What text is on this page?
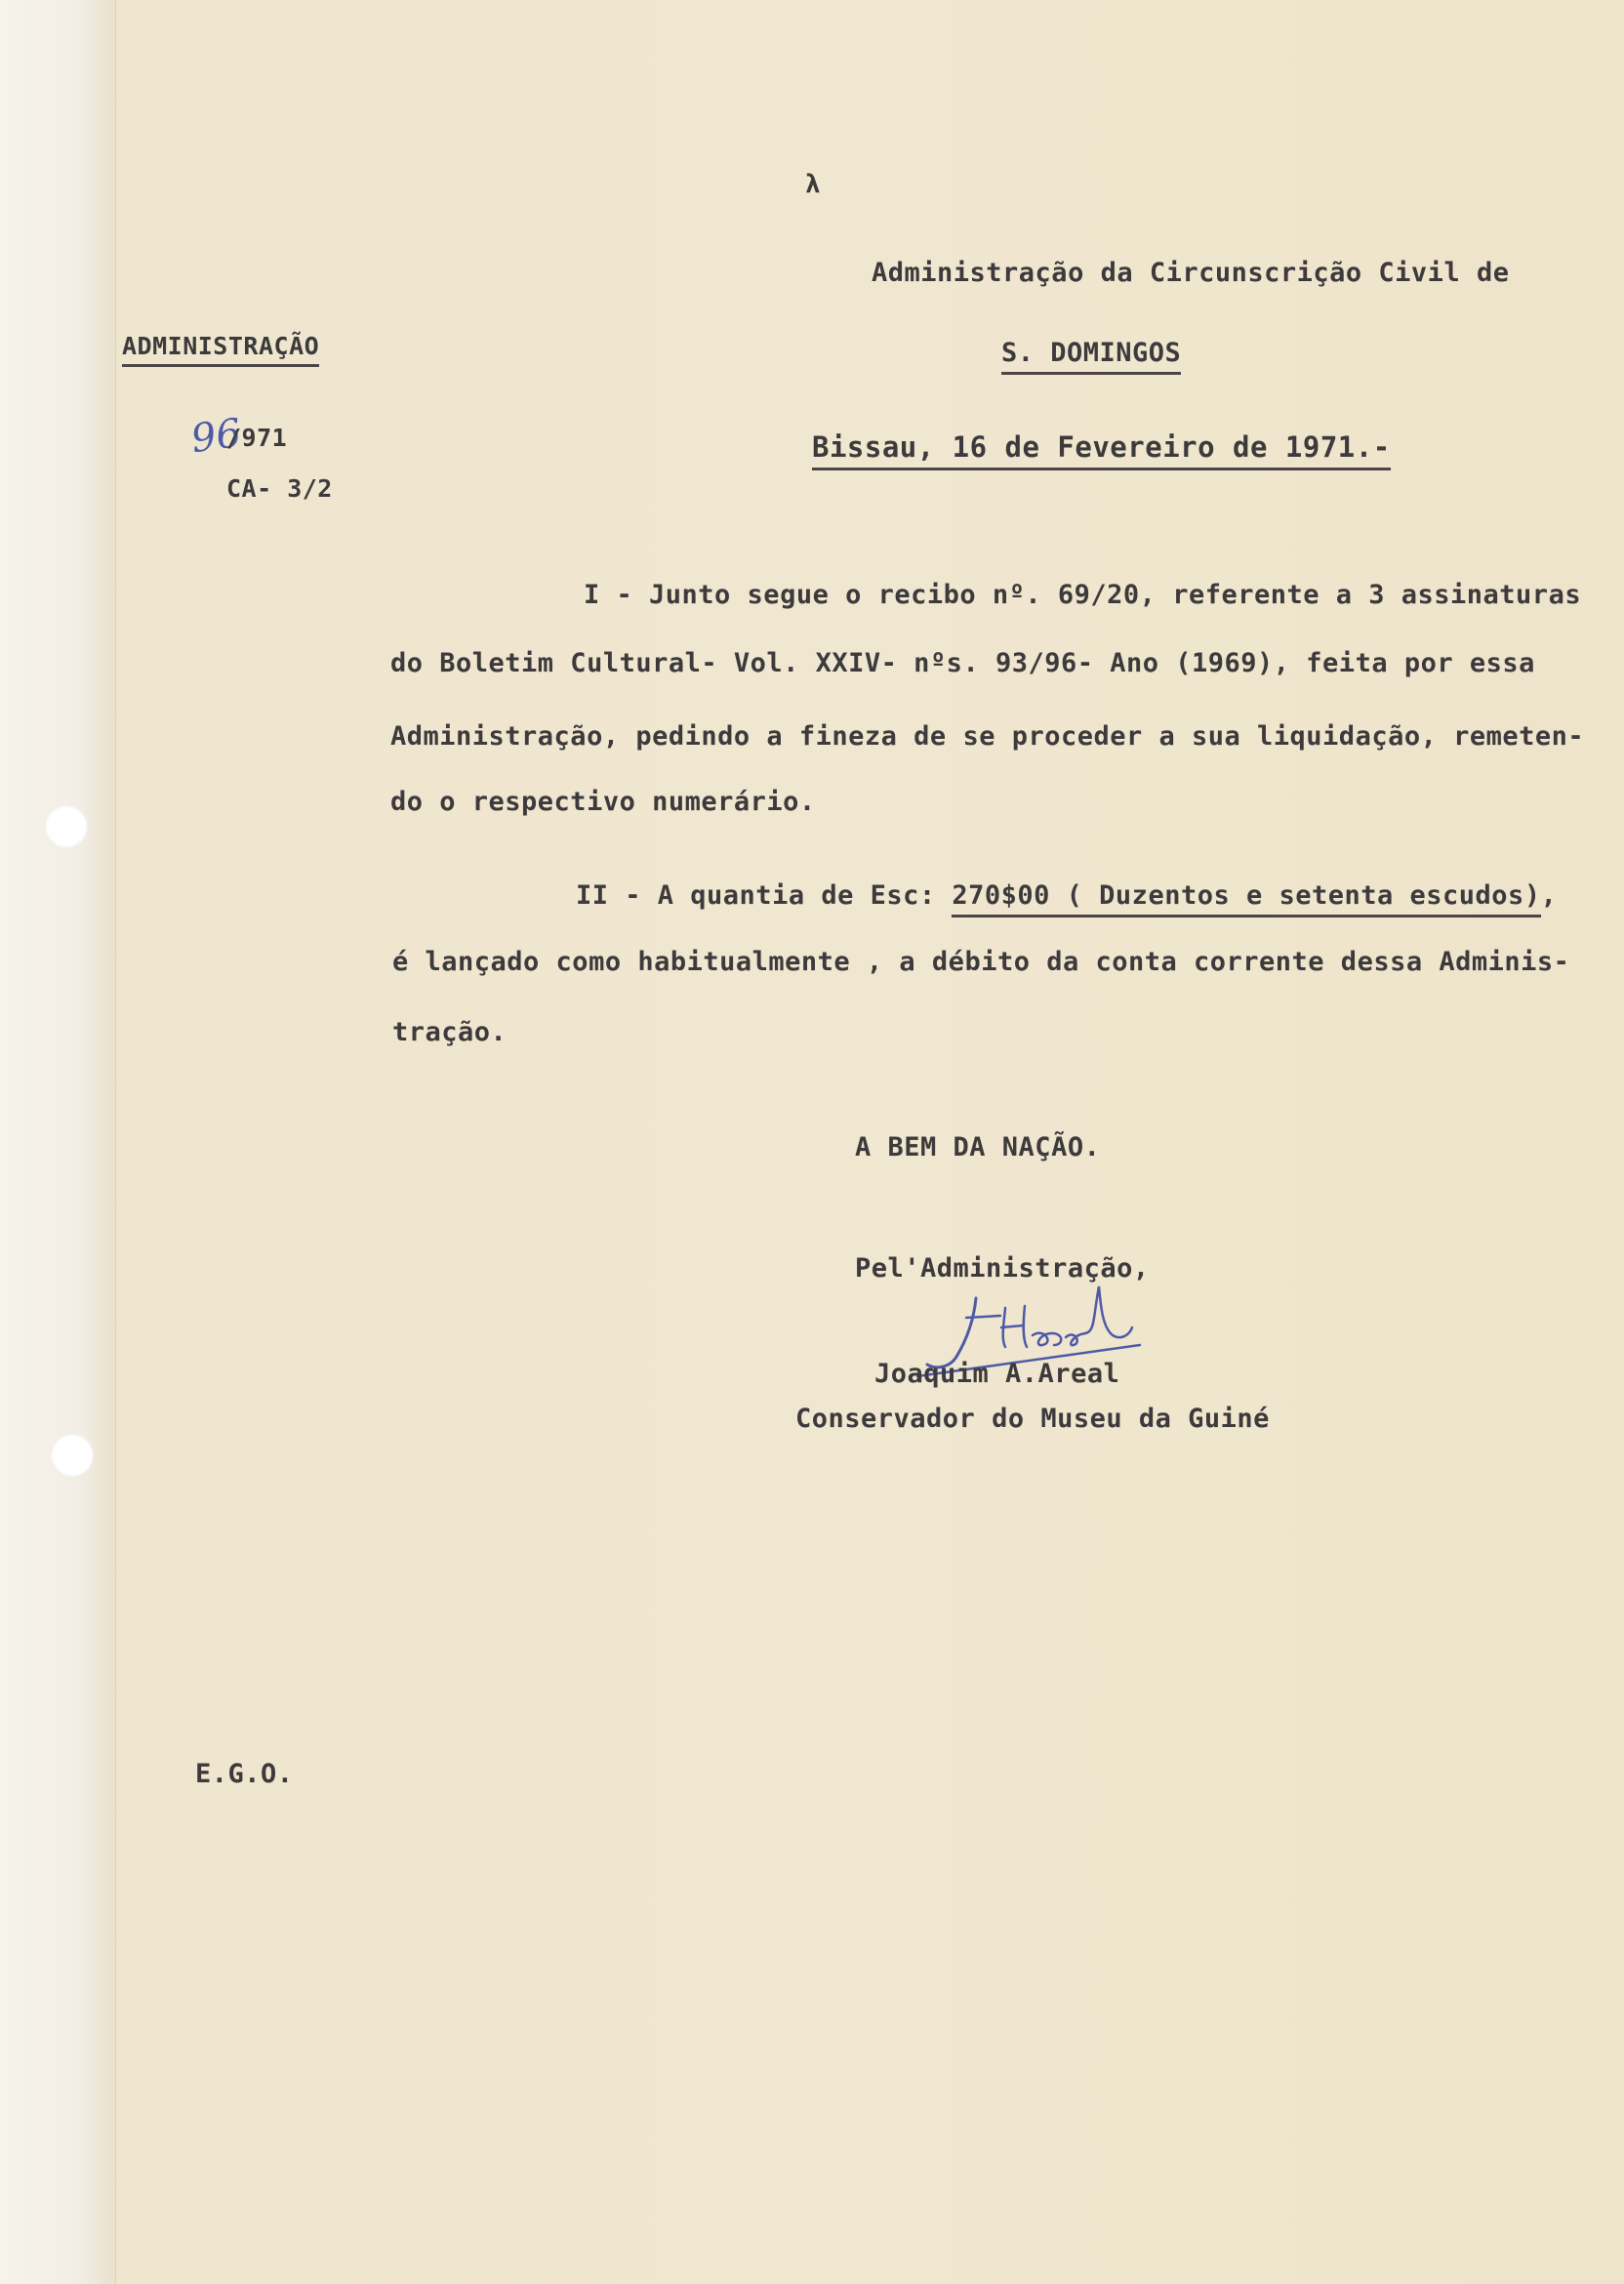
λ
Administração da Circunscrição Civil de
S. DOMINGOS
Bissau, 16 de Fevereiro de 1971.-
ADMINISTRAÇÃO
96
/971
CA- 3/2
I - Junto segue o recibo nº. 69/20, referente a 3 assinaturas
do Boletim Cultural- Vol. XXIV- nºs. 93/96- Ano (1969), feita por essa
Administração, pedindo a fineza de se proceder a sua liquidação, remeten-
do o respectivo numerário.
II - A quantia de Esc: 270$00 ( Duzentos e setenta escudos),
é lançado como habitualmente , a débito da conta corrente dessa Adminis-
tração.
A BEM DA NAÇÃO.
Pel'Administração,
Joaquim A.Areal
Conservador do Museu da Guiné
E.G.O.
